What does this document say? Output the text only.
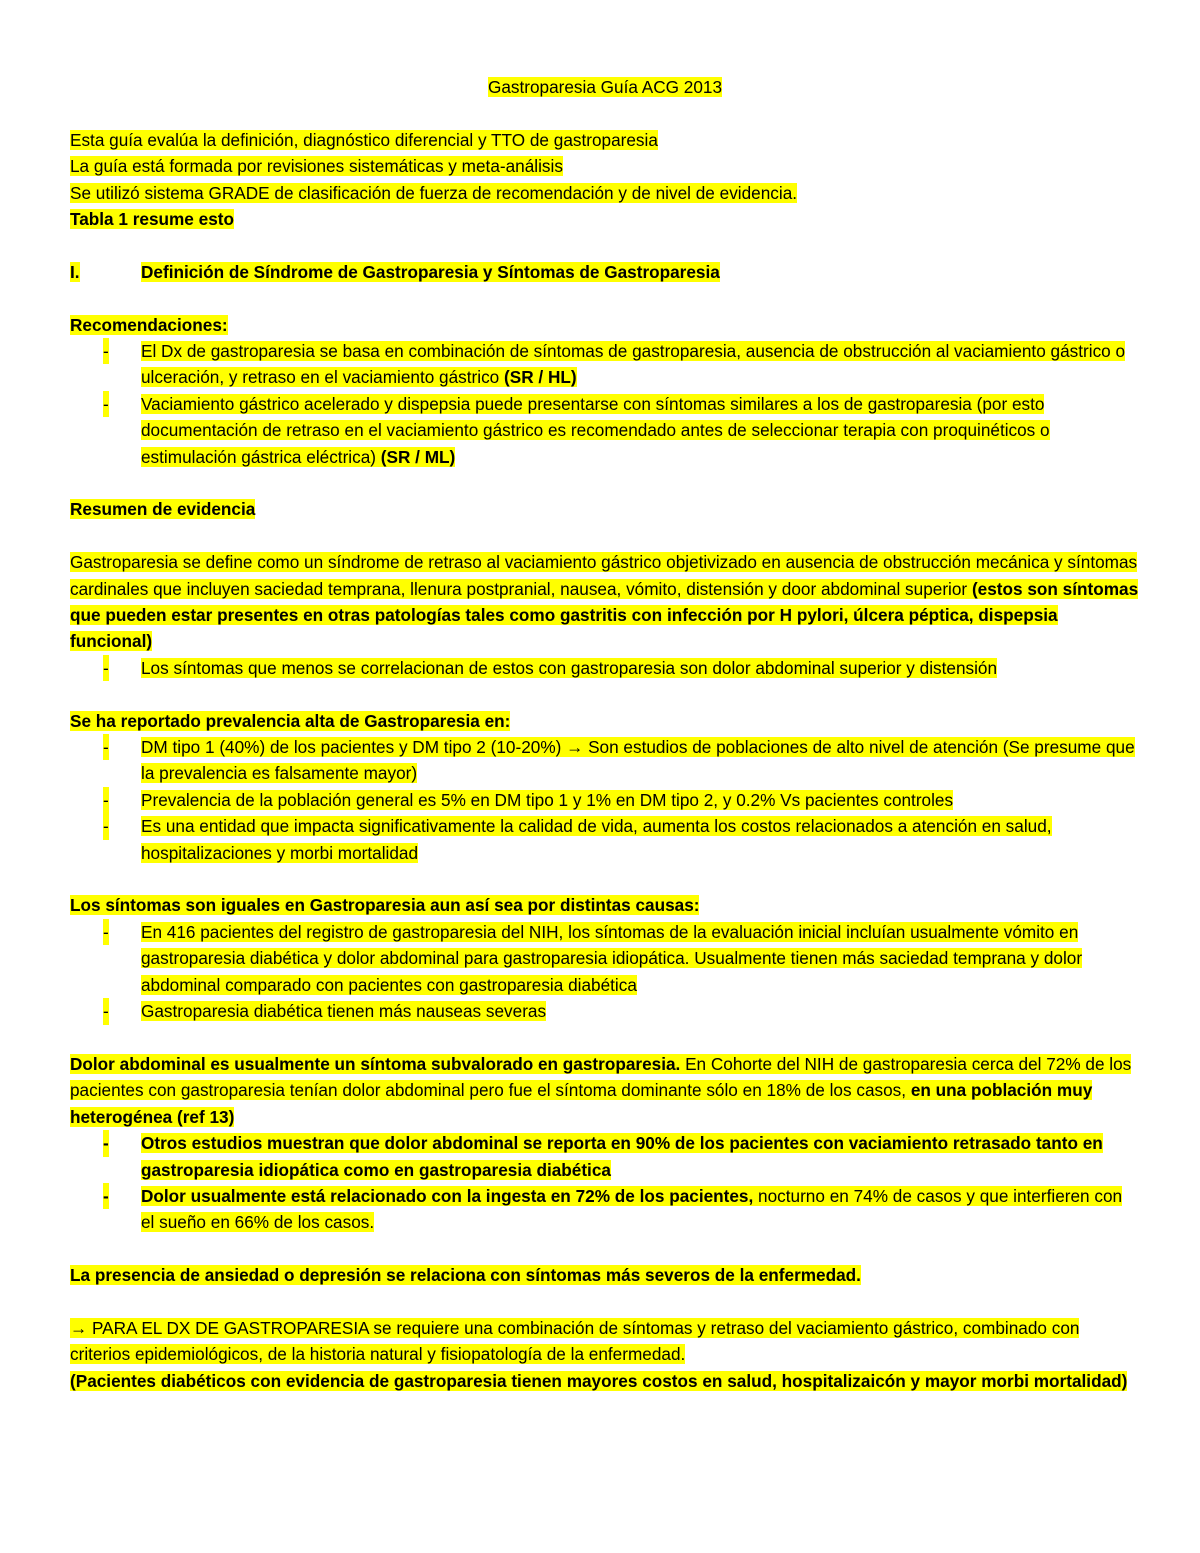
Gastroparesia Guía ACG 2013

Esta guía evalúa la definición, diagnóstico diferencial y TTO de gastroparesia

La guía está formada por revisiones sistemáticas y meta-análisis

Se utilizó sistema GRADE de clasificación de fuerza de recomendación y de nivel de evidencia.

Tabla 1 resume esto

I.	Definición de Síndrome de Gastroparesia y Síntomas de Gastroparesia

Recomendaciones:

- El Dx de gastroparesia se basa en combinación de síntomas de gastroparesia, ausencia de obstrucción al vaciamiento gástrico o ulceración, y retraso en el vaciamiento gástrico (SR / HL)
- Vaciamiento gástrico acelerado y dispepsia puede presentarse con síntomas similares a los de gastroparesia (por esto documentación de retraso en el vaciamiento gástrico es recomendado antes de seleccionar terapia con proquinéticos o estimulación gástrica eléctrica) (SR / ML)

Resumen de evidencia

Gastroparesia se define como un síndrome de retraso al vaciamiento gástrico objetivizado en ausencia de obstrucción mecánica y síntomas cardinales que incluyen saciedad temprana, llenura postpranial, nausea, vómito, distensión y door abdominal superior (estos son síntomas que pueden estar presentes en otras patologías tales como gastritis con infección por H pylori, úlcera péptica, dispepsia funcional)

- Los síntomas que menos se correlacionan de estos con gastroparesia son dolor abdominal superior y distensión

Se ha reportado prevalencia alta de Gastroparesia en:

- DM tipo 1 (40%) de los pacientes y DM tipo 2 (10-20%) → Son estudios de poblaciones de alto nivel de atención (Se presume que la prevalencia es falsamente mayor)
- Prevalencia de la población general es 5% en DM tipo 1 y 1% en DM tipo 2, y 0.2% Vs pacientes controles
- Es una entidad que impacta significativamente la calidad de vida, aumenta los costos relacionados a atención en salud, hospitalizaciones y morbi mortalidad

Los síntomas son iguales en Gastroparesia aun así sea por distintas causas:

- En 416 pacientes del registro de gastroparesia del NIH, los síntomas de la evaluación inicial incluían usualmente vómito en gastroparesia diabética y dolor abdominal para gastroparesia idiopática. Usualmente tienen más saciedad temprana y dolor abdominal comparado con pacientes con gastroparesia diabética
- Gastroparesia diabética tienen más nauseas severas

Dolor abdominal es usualmente un síntoma subvalorado en gastroparesia. En Cohorte del NIH de gastroparesia cerca del 72% de los pacientes con gastroparesia tenían dolor abdominal pero fue el síntoma dominante sólo en 18% de los casos, en una población muy heterogénea (ref 13)

- Otros estudios muestran que dolor abdominal se reporta en 90% de los pacientes con vaciamiento retrasado tanto en gastroparesia idiopática como en gastroparesia diabética
- Dolor usualmente está relacionado con la ingesta en 72% de los pacientes, nocturno en 74% de casos y que interfieren con el sueño en 66% de los casos.

La presencia de ansiedad o depresión se relaciona con síntomas más severos de la enfermedad.

→ PARA EL DX DE GASTROPARESIA se requiere una combinación de síntomas y retraso del vaciamiento gástrico, combinado con criterios epidemiológicos, de la historia natural y fisiopatología de la enfermedad.

(Pacientes diabéticos con evidencia de gastroparesia tienen mayores costos en salud, hospitalizaicón y mayor morbi mortalidad)
